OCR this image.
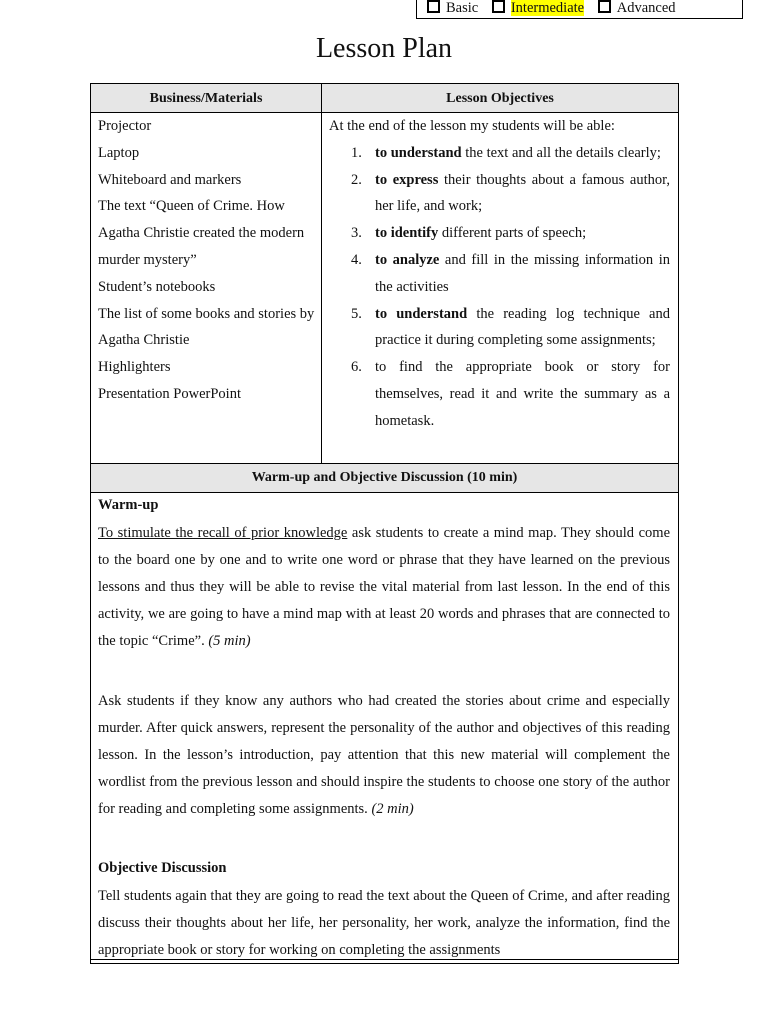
Basic Intermediate Advanced
Lesson Plan
Business/Materials	Lesson Objectives
Projector
Laptop
Whiteboard and markers
The text “Queen of Crime. How Agatha Christie created the modern murder mystery”
Student’s notebooks
The list of some books and stories by Agatha Christie
Highlighters
Presentation PowerPoint
At the end of the lesson my students will be able:
to understand the text and all the details clearly;
to express their thoughts about a famous author, her life, and work;
to identify different parts of speech;
to analyze and fill in the missing information in the activities
to understand the reading log technique and practice it during completing some assignments;
to find the appropriate book or story for themselves, read it and write the summary as a hometask.
Warm-up and Objective Discussion (10 min)
Warm-up

To stimulate the recall of prior knowledge ask students to create a mind map. They should come to the board one by one and to write one word or phrase that they have learned on the previous lessons and thus they will be able to revise the vital material from last lesson. In the end of this activity, we are going to have a mind map with at least 20 words and phrases that are connected to the topic “Crime”. (5 min)

Ask students if they know any authors who had created the stories about crime and especially murder. After quick answers, represent the personality of the author and objectives of this reading lesson. In the lesson’s introduction, pay attention that this new material will complement the wordlist from the previous lesson and should inspire the students to choose one story of the author for reading and completing some assignments. (2 min)

Objective Discussion

Tell students again that they are going to read the text about the Queen of Crime, and after reading discuss their thoughts about her life, her personality, her work, analyze the information, find the appropriate book or story for working on completing the assignments
